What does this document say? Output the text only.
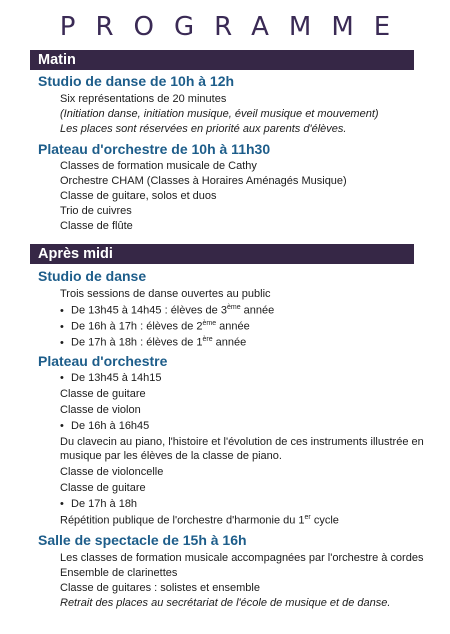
PROGRAMME
Matin
Studio de danse de 10h à 12h
Six représentations de 20 minutes
(Initiation danse, initiation musique, éveil musique et mouvement)
Les places sont réservées en priorité aux parents d'élèves.
Plateau d'orchestre de 10h à 11h30
Classes de formation musicale de Cathy
Orchestre CHAM (Classes à Horaires Aménagés Musique)
Classe de guitare, solos et duos
Trio de cuivres
Classe de flûte
Après midi
Studio de danse
Trois sessions de danse ouvertes au public
• De 13h45 à 14h45 : élèves de 3ème année
• De 16h à 17h : élèves de 2ème année
• De 17h à 18h : élèves de 1ère année
Plateau d'orchestre
• De 13h45 à 14h15
Classe de guitare
Classe de violon
• De 16h à 16h45
Du clavecin au piano, l'histoire et l'évolution de ces instruments illustrée en musique par les élèves de la classe de piano.
Classe de violoncelle
Classe de guitare
• De 17h à 18h
Répétition publique de l'orchestre d'harmonie du 1er cycle
Salle de spectacle de 15h à 16h
Les classes de formation musicale accompagnées par l'orchestre à cordes
Ensemble de clarinettes
Classe de guitares : solistes et ensemble
Retrait des places au secrétariat de l'école de musique et de danse.
